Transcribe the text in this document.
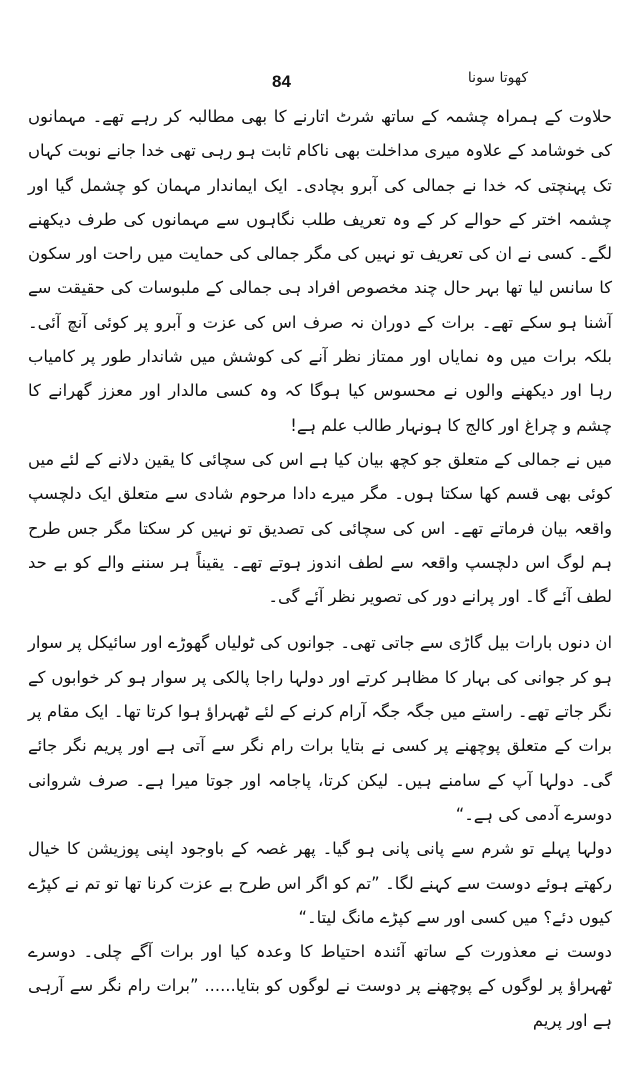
کھوتا سونا
84

حلاوت کے ہمراہ چشمہ کے ساتھ شرٹ اتارنے کا بھی مطالبہ کر رہے تھے۔ مہمانوں کی خوشامد کے علاوہ میری مداخلت بھی ناکام ثابت ہو رہی تھی خدا جانے نوبت کہاں تک پہنچتی کہ خدا نے جمالی کی آبرو بچادی۔ ایک ایماندار مہمان کو چشمل گیا اور چشمہ اختر کے حوالے کر کے وہ تعریف طلب نگاہوں سے مہمانوں کی طرف دیکھنے لگے۔ کسی نے ان کی تعریف تو نہیں کی مگر جمالی کی حمایت میں راحت اور سکون کا سانس لیا تھا بہر حال چند مخصوص افراد ہی جمالی کے ملبوسات کی حقیقت سے آشنا ہو سکے تھے۔ برات کے دوران نہ صرف اس کی عزت و آبرو پر کوئی آنچ آئی۔ بلکہ برات میں وہ نمایاں اور ممتاز نظر آنے کی کوشش میں شاندار طور پر کامیاب رہا اور دیکھنے والوں نے محسوس کیا ہوگا کہ وہ کسی مالدار اور معزز گھرانے کا چشم و چراغ اور کالج کا ہونہار طالب علم ہے!

میں نے جمالی کے متعلق جو کچھ بیان کیا ہے اس کی سچائی کا یقین دلانے کے لئے میں کوئی بھی قسم کھا سکتا ہوں۔ مگر میرے دادا مرحوم شادی سے متعلق ایک دلچسپ واقعہ بیان فرماتے تھے۔ اس کی سچائی کی تصدیق تو نہیں کر سکتا مگر جس طرح ہم لوگ اس دلچسپ واقعہ سے لطف اندوز ہوتے تھے۔ یقیناً ہر سننے والے کو بے حد لطف آئے گا۔ اور پرانے دور کی تصویر نظر آئے گی۔

ان دنوں بارات بیل گاڑی سے جاتی تھی۔ جوانوں کی ٹولیاں گھوڑے اور سائیکل پر سوار ہو کر جوانی کی بہار کا مظاہر کرتے اور دولہا راجا پالکی پر سوار ہو کر خوابوں کے نگر جاتے تھے۔ راستے میں جگہ جگہ آرام کرنے کے لئے ٹھہراؤ ہوا کرتا تھا۔ ایک مقام پر برات کے متعلق پوچھنے پر کسی نے بتایا برات رام نگر سے آتی ہے اور پریم نگر جائے گی۔ دولہا آپ کے سامنے ہیں۔ لیکن کرتا، پاجامہ اور جوتا میرا ہے۔ صرف شروانی دوسرے آدمی کی ہے۔“

دولہا پہلے تو شرم سے پانی پانی ہو گیا۔ پھر غصہ کے باوجود اپنی پوزیشن کا خیال رکھتے ہوئے دوست سے کہنے لگا۔ ”تم کو اگر اس طرح بے عزت کرنا تھا تو تم نے کپڑے کیوں دئے؟ میں کسی اور سے کپڑے مانگ لیتا۔“

دوست نے معذورت کے ساتھ آئندہ احتیاط کا وعدہ کیا اور برات آگے چلی۔ دوسرے ٹھہراؤ پر لوگوں کے پوچھنے پر دوست نے لوگوں کو بتایا...... ”برات رام نگر سے آرہی ہے اور پریم
